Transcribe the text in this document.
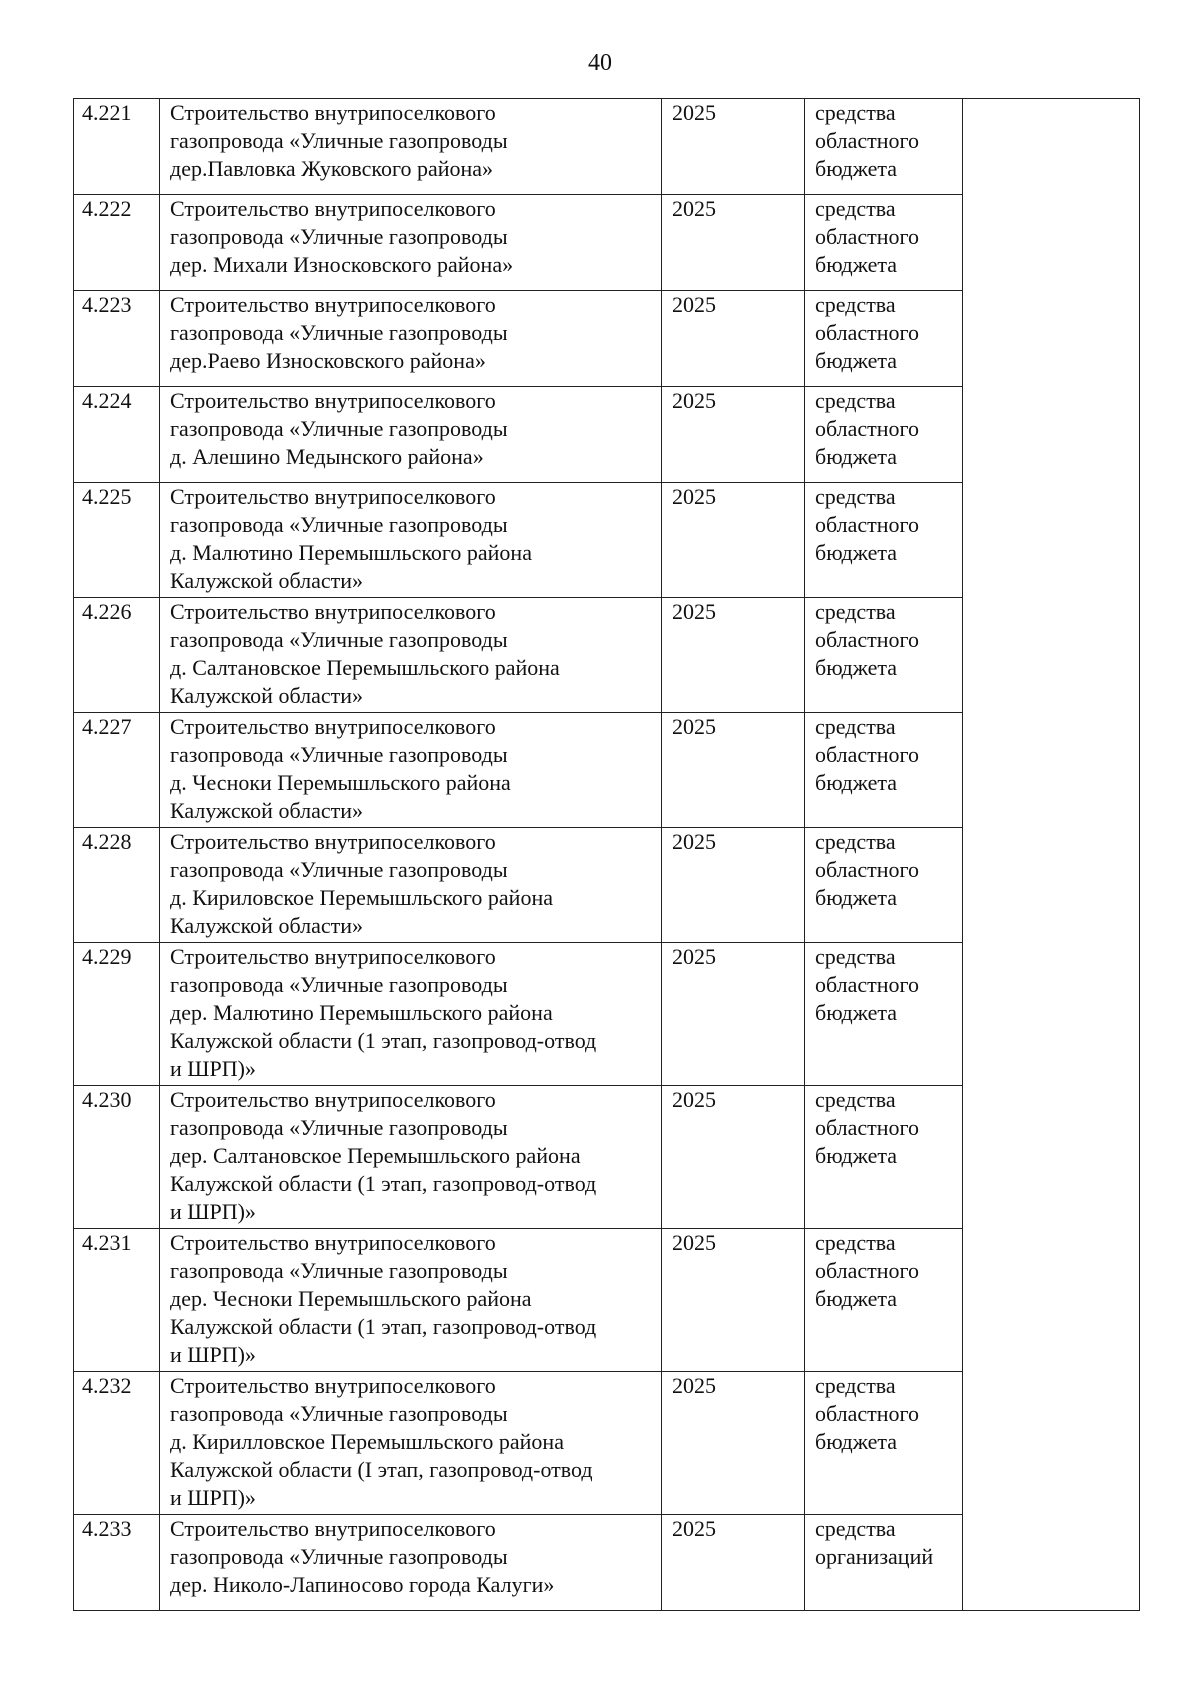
40
4.221	Строительство внутрипоселкового
газопровода «Уличные газопроводы
дер.Павловка Жуковского района»	2025	средства
областного
бюджета	
4.222	Строительство внутрипоселкового
газопровода «Уличные газопроводы
дер. Михали Износковского района»	2025	средства
областного
бюджета	
4.223	Строительство внутрипоселкового
газопровода «Уличные газопроводы
дер.Раево Износковского района»	2025	средства
областного
бюджета	
4.224	Строительство внутрипоселкового
газопровода «Уличные газопроводы
д. Алешино Медынского района»	2025	средства
областного
бюджета	
4.225	Строительство внутрипоселкового
газопровода «Уличные газопроводы
д. Малютино Перемышльского района
Калужской области»	2025	средства
областного
бюджета	
4.226	Строительство внутрипоселкового
газопровода «Уличные газопроводы
д. Салтановское Перемышльского района
Калужской области»	2025	средства
областного
бюджета	
4.227	Строительство внутрипоселкового
газопровода «Уличные газопроводы
д. Чесноки Перемышльского района
Калужской области»	2025	средства
областного
бюджета	
4.228	Строительство внутрипоселкового
газопровода «Уличные газопроводы
д. Кириловское Перемышльского района
Калужской области»	2025	средства
областного
бюджета	
4.229	Строительство внутрипоселкового
газопровода «Уличные газопроводы
дер. Малютино Перемышльского района
Калужской области (1 этап, газопровод-отвод
и ШРП)»	2025	средства
областного
бюджета	
4.230	Строительство внутрипоселкового
газопровода «Уличные газопроводы
дер. Салтановское Перемышльского района
Калужской области (1 этап, газопровод-отвод
и ШРП)»	2025	средства
областного
бюджета	
4.231	Строительство внутрипоселкового
газопровода «Уличные газопроводы
дер. Чесноки Перемышльского района
Калужской области (1 этап, газопровод-отвод
и ШРП)»	2025	средства
областного
бюджета	
4.232	Строительство внутрипоселкового
газопровода «Уличные газопроводы
д. Кирилловское Перемышльского района
Калужской области (I этап, газопровод-отвод
и ШРП)»	2025	средства
областного
бюджета	
4.233	Строительство внутрипоселкового
газопровода «Уличные газопроводы
дер. Николо-Лапиносово города Калуги»	2025	средства
организаций	
